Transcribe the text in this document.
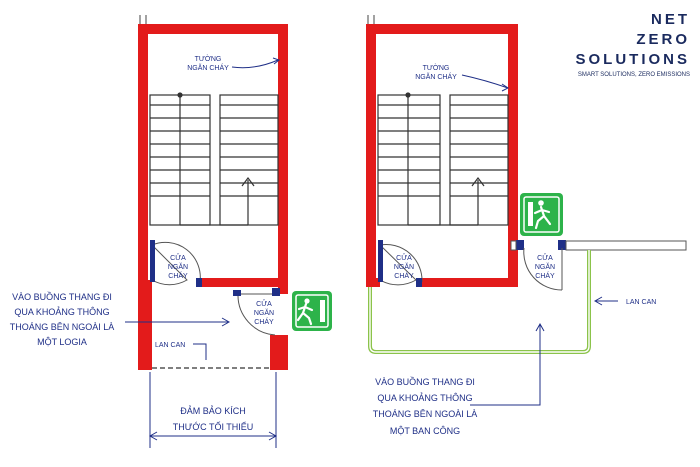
NET
ZERO
SOLUTIONS
SMART SOLUTIONS, ZERO EMISSIONS
CỬA
NGĂN
CHÁY
CỬA
NGĂN
CHÁY
TƯỜNG
NGĂN CHÁY
LAN CAN
VÀO BUỒNG THANG ĐI
QUA KHOẢNG THÔNG
THOÁNG BÊN NGOÀI LÀ
MỘT LOGIA
ĐẢM BẢO KÍCH
THƯỚC TỐI THIỂU
CỬA
NGĂN
CHÁY
CỬA
NGĂN
CHÁY
TƯỜNG
NGĂN CHÁY
LAN CAN
VÀO BUỒNG THANG ĐI
QUA KHOẢNG THÔNG
THOÁNG BÊN NGOÀI LÀ
MỘT BAN CÔNG
